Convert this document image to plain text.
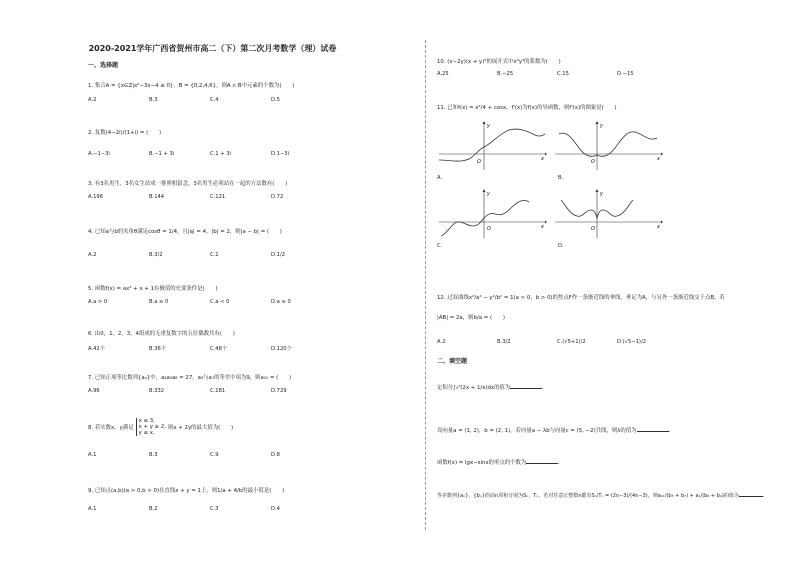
2020-2021学年广西省贺州市高二（下）第二次月考数学（理）试卷
一、选择题
1. 集合A = {x∈Z|x²−3x−4 ≤ 0}，B = {0,2,4,6}，则A ∩ B中元素的个数为(　　)
A.2	B.3	C.4	D.5
2. 复数(4−2i)/(1+i) = (　　)
A.−1−3i	B.−1 + 3i	C.1 + 3i	D.1−3i
3. 有3名男生，3名女生站成一排照相留念，3名男生必须站在一起的方法数有(　　)
A.196	B.144	C.121	D.72
4. 已知a与b的夹角θ满足cosθ = 1/4，且|a| = 4，|b| = 2，则|a − b| = (　　)
A.2	B.3/2	C.1	D.1/2
5. 函数f(x) = ax³ + x + 1有极值的充要条件是(　　)
A.a > 0	B.a ≥ 0	C.a < 0	D.a ≤ 0
6. 由0，1，2，3，4组成的无重复数字的五位偶数共有(　　)
A.42个	B.36个	C.48个	D.120个
7. 已知正项等比数列{aₙ}中，a₂a₅a₈ = 27，a₃与a₇的等差中项为9，则a₁₀ = (　　)
A.96	B.332	C.181	D.729
8. 若实数x，y满足
x ≤ 3,
x + y ≥ 2,
y ≤ x,
则x + 2y的最大值为(　　)
A.1	B.3	C.9	D.8
9. 已知点(a,b)(a > 0,b > 0)在直线x + y = 1上，则1/a + 4/b的最小值是(　　)
A.1	B.2	C.3	D.4
10. (x−2y)(x + y)⁵的展开式中x³y³的系数为(　　)
A.25	B.−25	C.15	D.−15
11. 已知f(x) = x²/4 + cosx，f'(x)为f(x)的导函数，则f'(x)的图象是(　　)
y
x
O
A.
y
x
O
B.
y
x
O
C.
y
x
O
D.
12. 过双曲线x²/a² − y²/b² = 1(a > 0，b > 0)的焦点F作一条渐近线的垂线，垂足为A，与另外一条渐近线交于点B，若
|AB| = 2a，则b/a = (　　)
A.2	B.3/2	C.(√5+1)/2	D.(√5−1)/2
二、填空题
定积分∫₀¹(2x + 1/x)dx的值为	.
设向量a = (1, 2)，b = (2, 1)，若向量a − λb与向量c = (5, −2)共线，则λ的值为	.
函数f(x) = lgx−sinx的零点的个数为	.
等差数列{aₙ}，{bₙ}的前n项和分别为Sₙ，Tₙ，若对任意正整数n都有Sₙ/Tₙ = (2n−3)/(4n−3)，则a₁₁/(b₅ + b₇) + a₁/(b₈ + b₄)的值为	.
